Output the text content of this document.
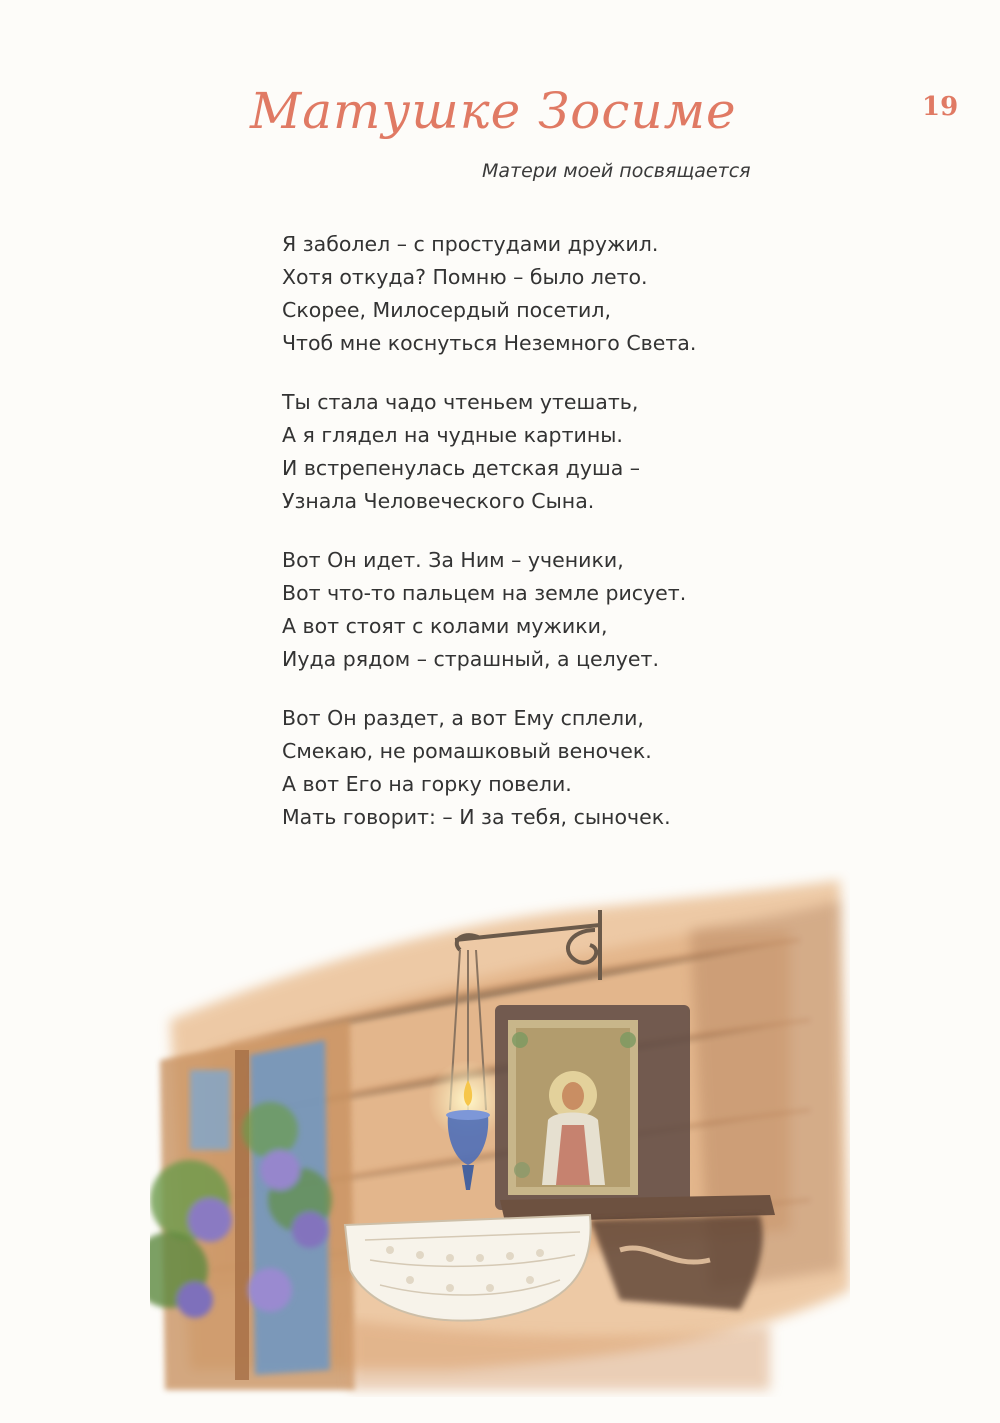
19
Матушке Зосиме
Матери моей посвящается
Я заболел – с простудами дружил.
Хотя откуда? Помню – было лето.
Скорее, Милосердый посетил,
Чтоб мне коснуться Неземного Света.
Ты стала чадо чтеньем утешать,
А я глядел на чудные картины.
И встрепенулась детская душа –
Узнала Человеческого Сына.
Вот Он идет. За Ним – ученики,
Вот что-то пальцем на земле рисует.
А вот стоят с колами мужики,
Иуда рядом – страшный, а целует.
Вот Он раздет, а вот Ему сплели,
Смекаю, не ромашковый веночек.
А вот Его на горку повели.
Мать говорит: – И за тебя, сыночек.
